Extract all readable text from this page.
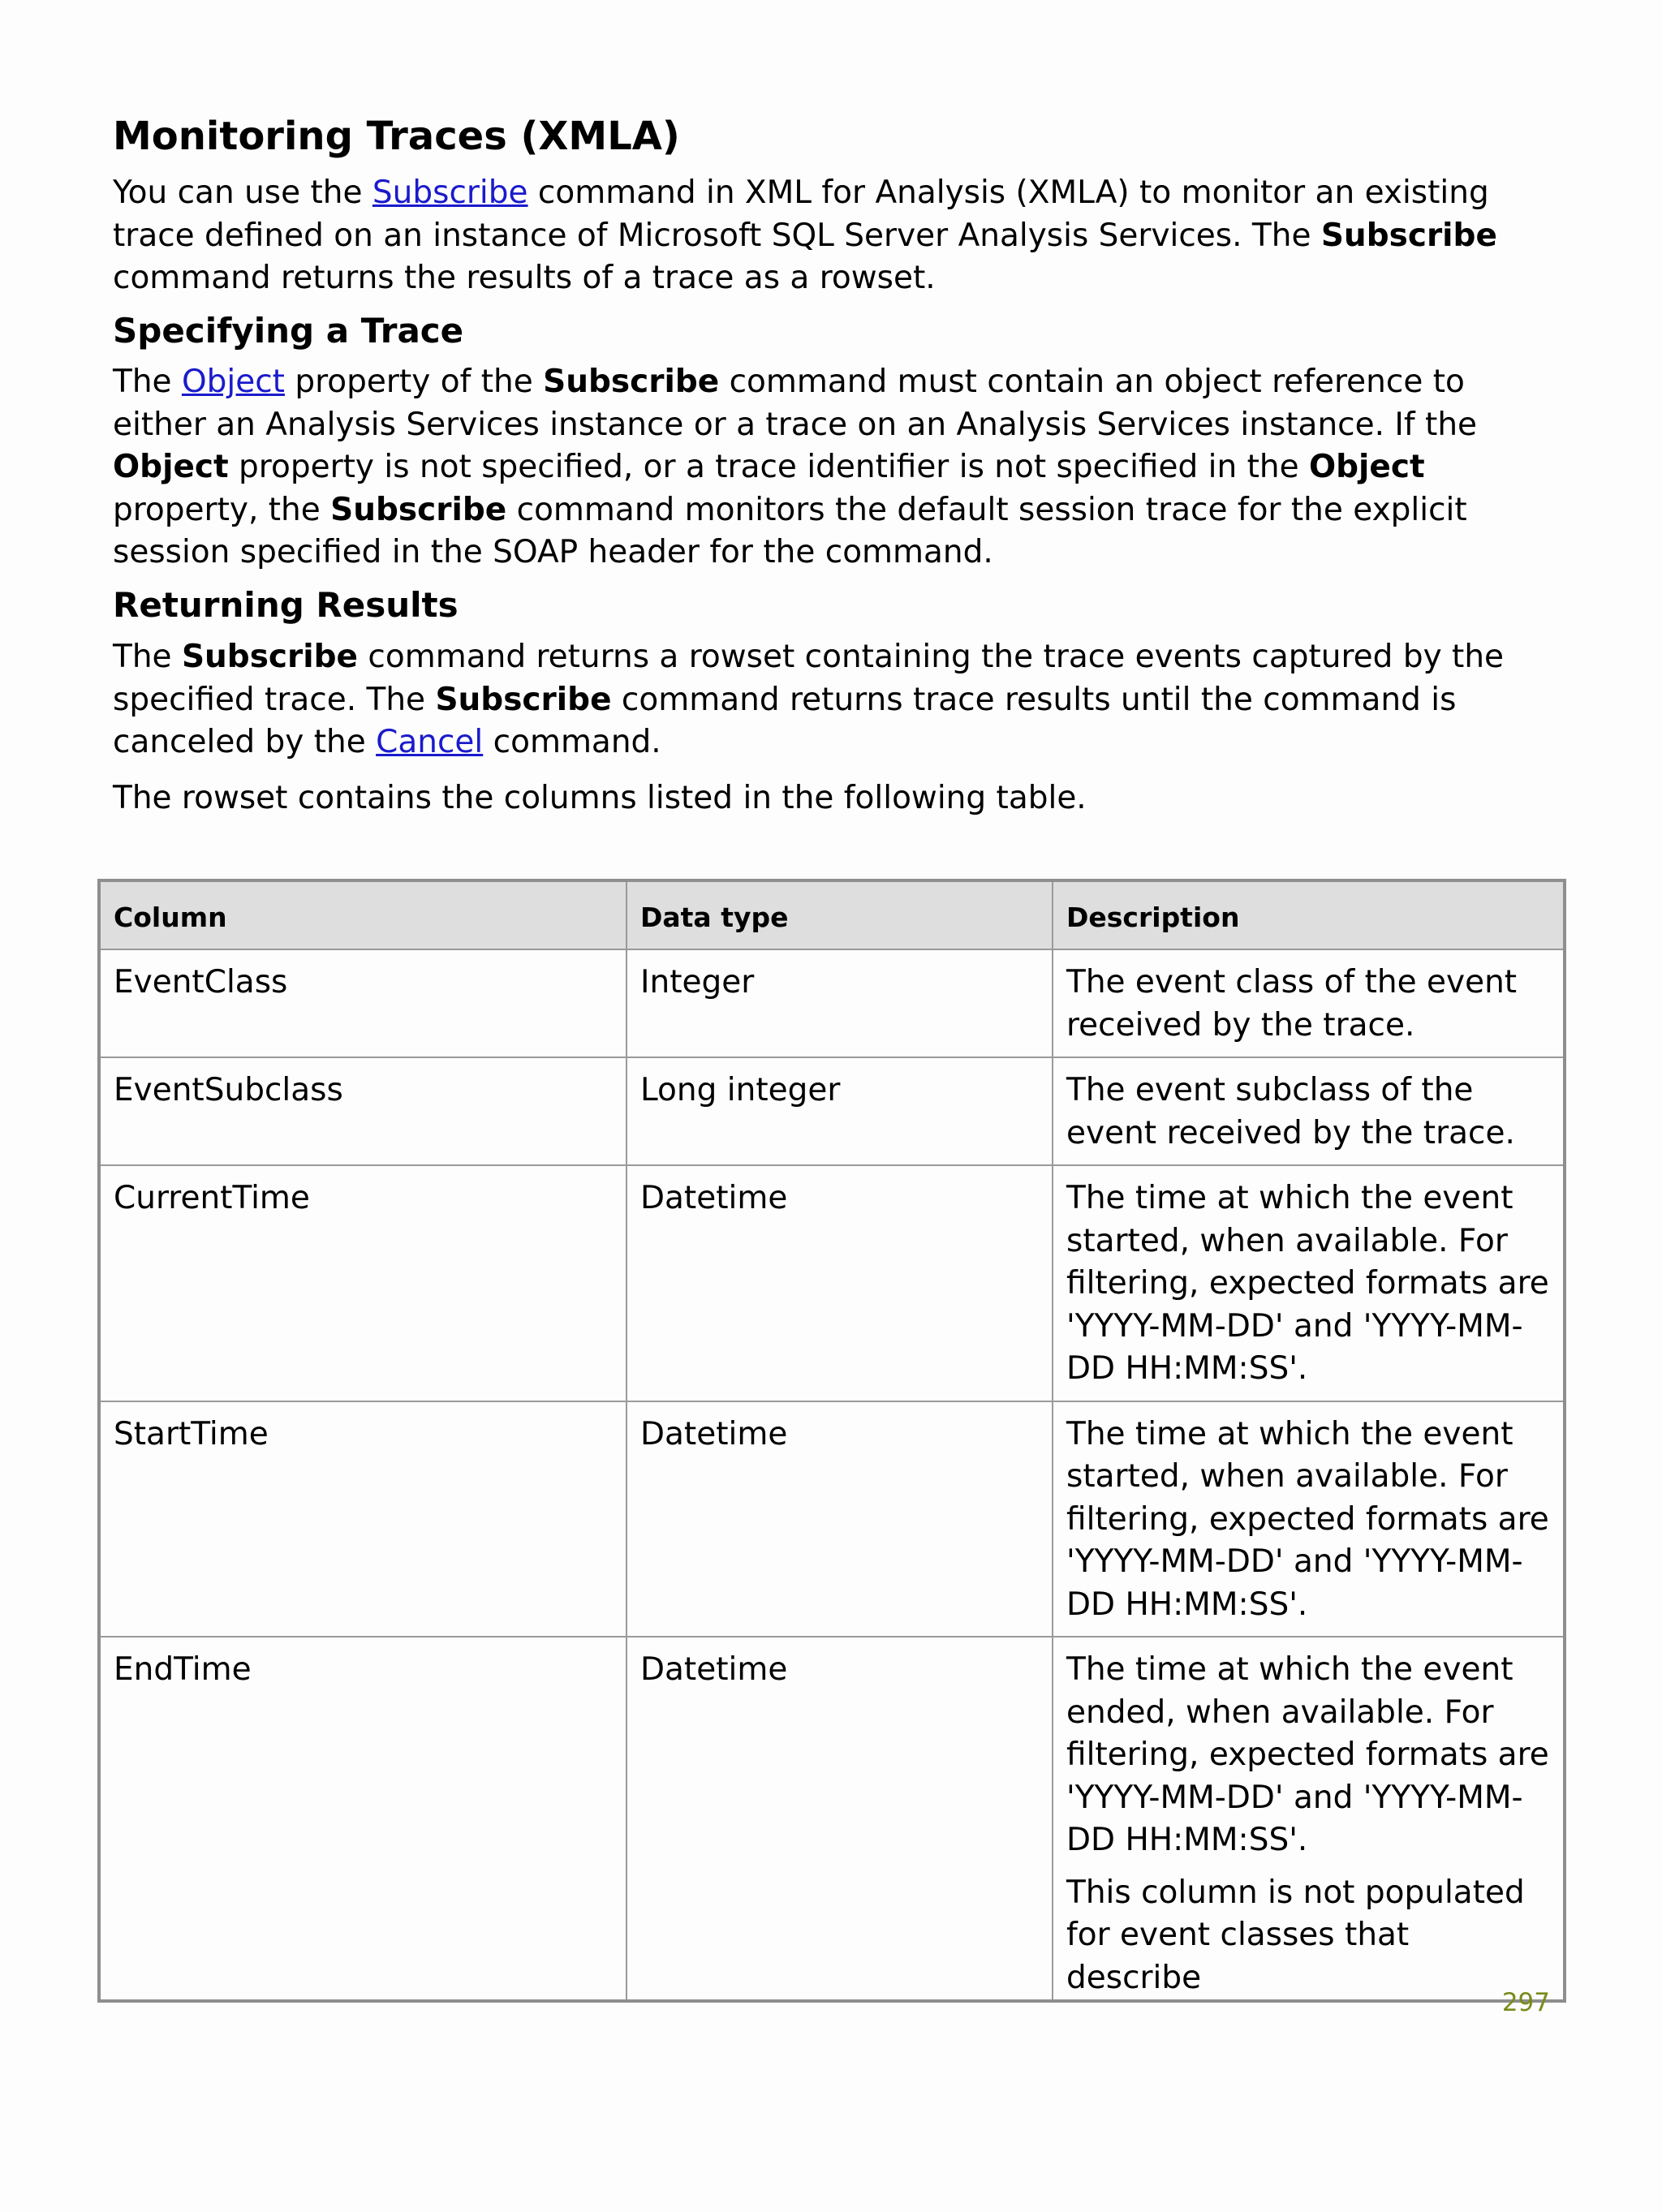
Monitoring Traces (XMLA)

You can use the Subscribe command in XML for Analysis (XMLA) to monitor an existing trace defined on an instance of Microsoft SQL Server Analysis Services. The Subscribe command returns the results of a trace as a rowset.

Specifying a Trace

The Object property of the Subscribe command must contain an object reference to either an Analysis Services instance or a trace on an Analysis Services instance. If the Object property is not specified, or a trace identifier is not specified in the Object property, the Subscribe command monitors the default session trace for the explicit session specified in the SOAP header for the command.

Returning Results

The Subscribe command returns a rowset containing the trace events captured by the specified trace. The Subscribe command returns trace results until the command is canceled by the Cancel command.

The rowset contains the columns listed in the following table.

Column	Data type	Description
EventClass	Integer	The event class of the event received by the trace.

EventSubclass	Long integer	The event subclass of the event received by the trace.

CurrentTime	Datetime	The time at which the event started, when available. For filtering, expected formats are 'YYYY-MM-DD' and 'YYYY-MM-DD HH:MM:SS'.

StartTime	Datetime	The time at which the event started, when available. For filtering, expected formats are 'YYYY-MM-DD' and 'YYYY-MM-DD HH:MM:SS'.

EndTime	Datetime	The time at which the event ended, when available. For filtering, expected formats are 'YYYY-MM-DD' and 'YYYY-MM-DD HH:MM:SS'.

This column is not populated for event classes that describe

297
